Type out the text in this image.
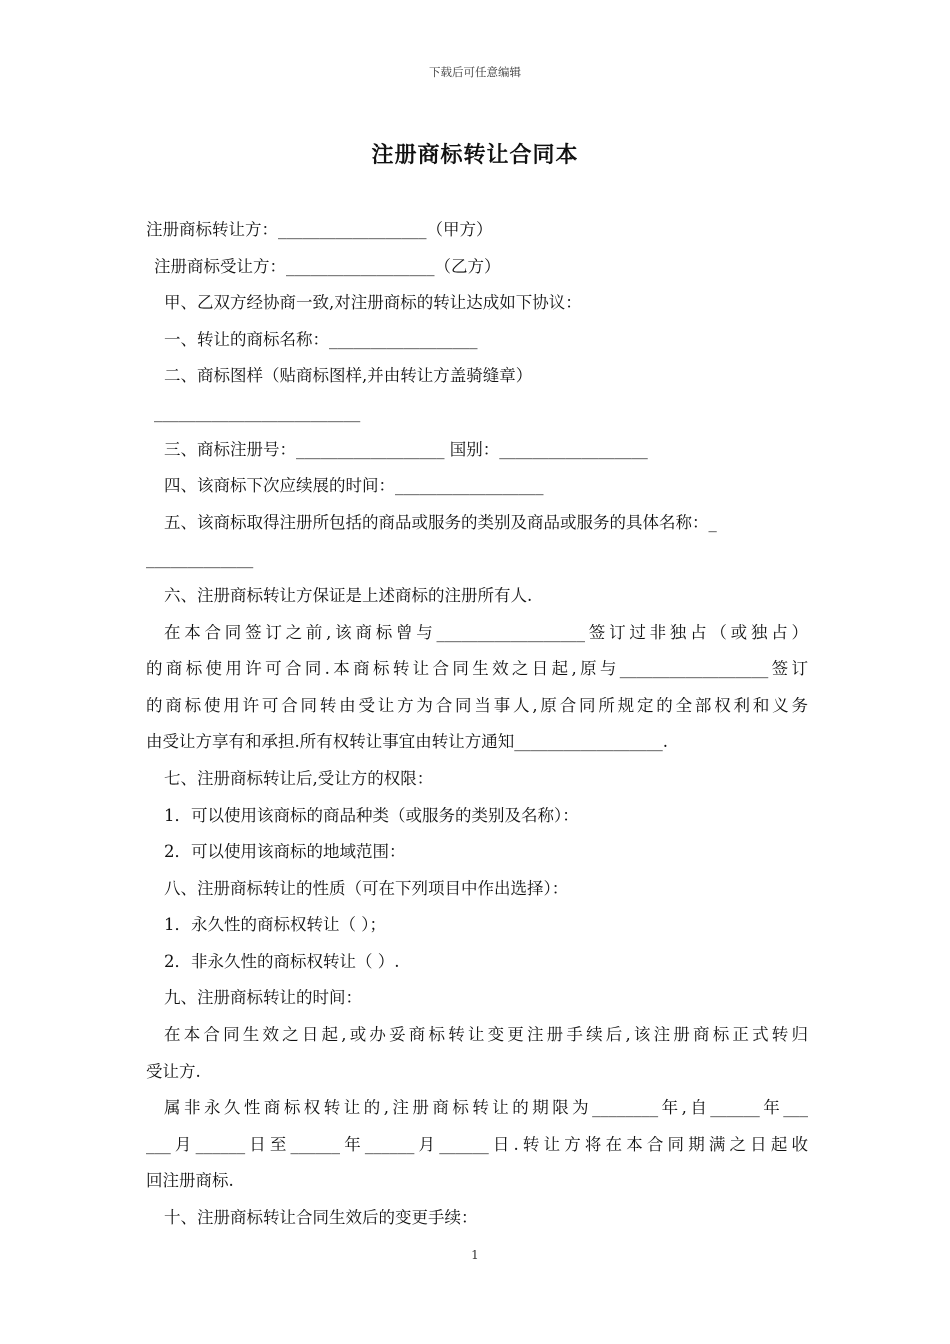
下载后可任意编辑
注册商标转让合同本
注册商标转让方：__________________（甲方）
注册商标受让方：__________________（乙方）
甲、乙双方经协商一致,对注册商标的转让达成如下协议：
一、转让的商标名称：__________________
二、商标图样（贴商标图样,并由转让方盖骑缝章）
_________________________
三、商标注册号：__________________ 国别：__________________
四、该商标下次应续展的时间：__________________
五、该商标取得注册所包括的商品或服务的类别及商品或服务的具体名称：_
_____________
六、注册商标转让方保证是上述商标的注册所有人.
在本合同签订之前,该商标曾与__________________签订过非独占（或独占）
的商标使用许可合同.本商标转让合同生效之日起,原与__________________签订
的商标使用许可合同转由受让方为合同当事人,原合同所规定的全部权利和义务
由受让方享有和承担.所有权转让事宜由转让方通知__________________.
七、注册商标转让后,受让方的权限：
1．可以使用该商标的商品种类（或服务的类别及名称）：
2．可以使用该商标的地域范围：
八、注册商标转让的性质（可在下列项目中作出选择）：
1．永久性的商标权转让（ ）；
2．非永久性的商标权转让（ ）.
九、注册商标转让的时间：
在本合同生效之日起,或办妥商标转让变更注册手续后,该注册商标正式转归
受让方.
属非永久性商标权转让的,注册商标转让的期限为________年,自______年___
___月______日至______年______月______日.转让方将在本合同期满之日起收
回注册商标.
十、注册商标转让合同生效后的变更手续：
1
